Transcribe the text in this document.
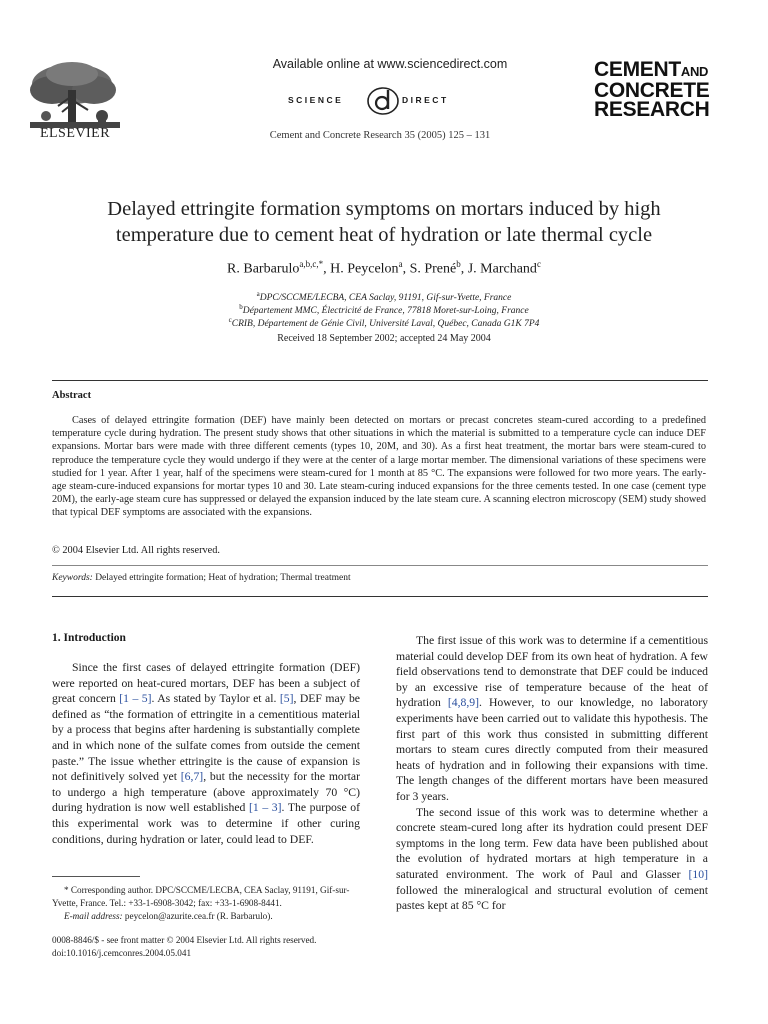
ELSEVIER
Available online at www.sciencedirect.com
SCIENCE	DIRECT
Cement and Concrete Research 35 (2005) 125 – 131
CEMENTAND
CONCRETE
RESEARCH
Delayed ettringite formation symptoms on mortars induced by high temperature due to cement heat of hydration or late thermal cycle
R. Barbarulo$^{a,b,c,*}$, H. Peycelon$^a$, S. Prené$^b$, J. Marchand$^c$
$^a$DPC/SCCME/LECBA, CEA Saclay, 91191, Gif-sur-Yvette, France
$^b$Département MMC, Électricité de France, 77818 Moret-sur-Loing, France
$^c$CRIB, Département de Génie Civil, Université Laval, Québec, Canada G1K 7P4
Received 18 September 2002; accepted 24 May 2004
Abstract
Cases of delayed ettringite formation (DEF) have mainly been detected on mortars or precast concretes steam-cured according to a predefined temperature cycle during hydration. The present study shows that other situations in which the material is submitted to a temperature cycle can induce DEF expansions. Mortar bars were made with three different cements (types 10, 20M, and 30). As a first heat treatment, the mortar bars were steam-cured to reproduce the temperature cycle they would undergo if they were at the center of a large mortar member. The dimensional variations of these specimens were studied for 1 year. After 1 year, half of the specimens were steam-cured for 1 month at 85 °C. The expansions were followed for two more years. The early-age steam-cure-induced expansions for mortar types 10 and 30. Late steam-curing induced expansions for the three cements tested. In one case (cement type 20M), the early-age steam cure has suppressed or delayed the expansion induced by the late steam cure. A scanning electron microscopy (SEM) study showed that typical DEF symptoms are associated with the expansions.
© 2004 Elsevier Ltd. All rights reserved.
Keywords: Delayed ettringite formation; Heat of hydration; Thermal treatment
1. Introduction

Since the first cases of delayed ettringite formation (DEF) were reported on heat-cured mortars, DEF has been a subject of great concern [1 – 5]. As stated by Taylor et al. [5], DEF may be defined as “the formation of ettringite in a cementitious material by a process that begins after hardening is substantially complete and in which none of the sulfate comes from outside the cement paste.” The issue whether ettringite is the cause of expansion is not definitively solved yet [6,7], but the necessity for the mortar to undergo a high temperature (above approximately 70 °C) during hydration is now well established [1 – 3]. The purpose of this experimental work was to determine if other curing conditions, during hydration or later, could lead to DEF.

The first issue of this work was to determine if a cementitious material could develop DEF from its own heat of hydration. A few field observations tend to demonstrate that DEF could be induced by an excessive rise of temperature because of the heat of hydration [4,8,9]. However, to our knowledge, no laboratory experiments have been carried out to validate this hypothesis. The first part of this work thus consisted in submitting different mortars to steam cures directly computed from their measured heats of hydration and in following their expansions with time. The length changes of the different mortars have been measured for 3 years.

The second issue of this work was to determine whether a concrete steam-cured long after its hydration could present DEF symptoms in the long term. Few data have been published about the evolution of hydrated mortars at high temperature in a saturated environment. The work of Paul and Glasser [10] followed the mineralogical and structural evolution of cement pastes kept at 85 °C for

* Corresponding author. DPC/SCCME/LECBA, CEA Saclay, 91191, Gif-sur-Yvette, France. Tel.: +33-1-6908-3042; fax: +33-1-6908-8441.

E-mail address: peycelon@azurite.cea.fr (R. Barbarulo).

0008-8846/$ - see front matter © 2004 Elsevier Ltd. All rights reserved.
doi:10.1016/j.cemconres.2004.05.041
